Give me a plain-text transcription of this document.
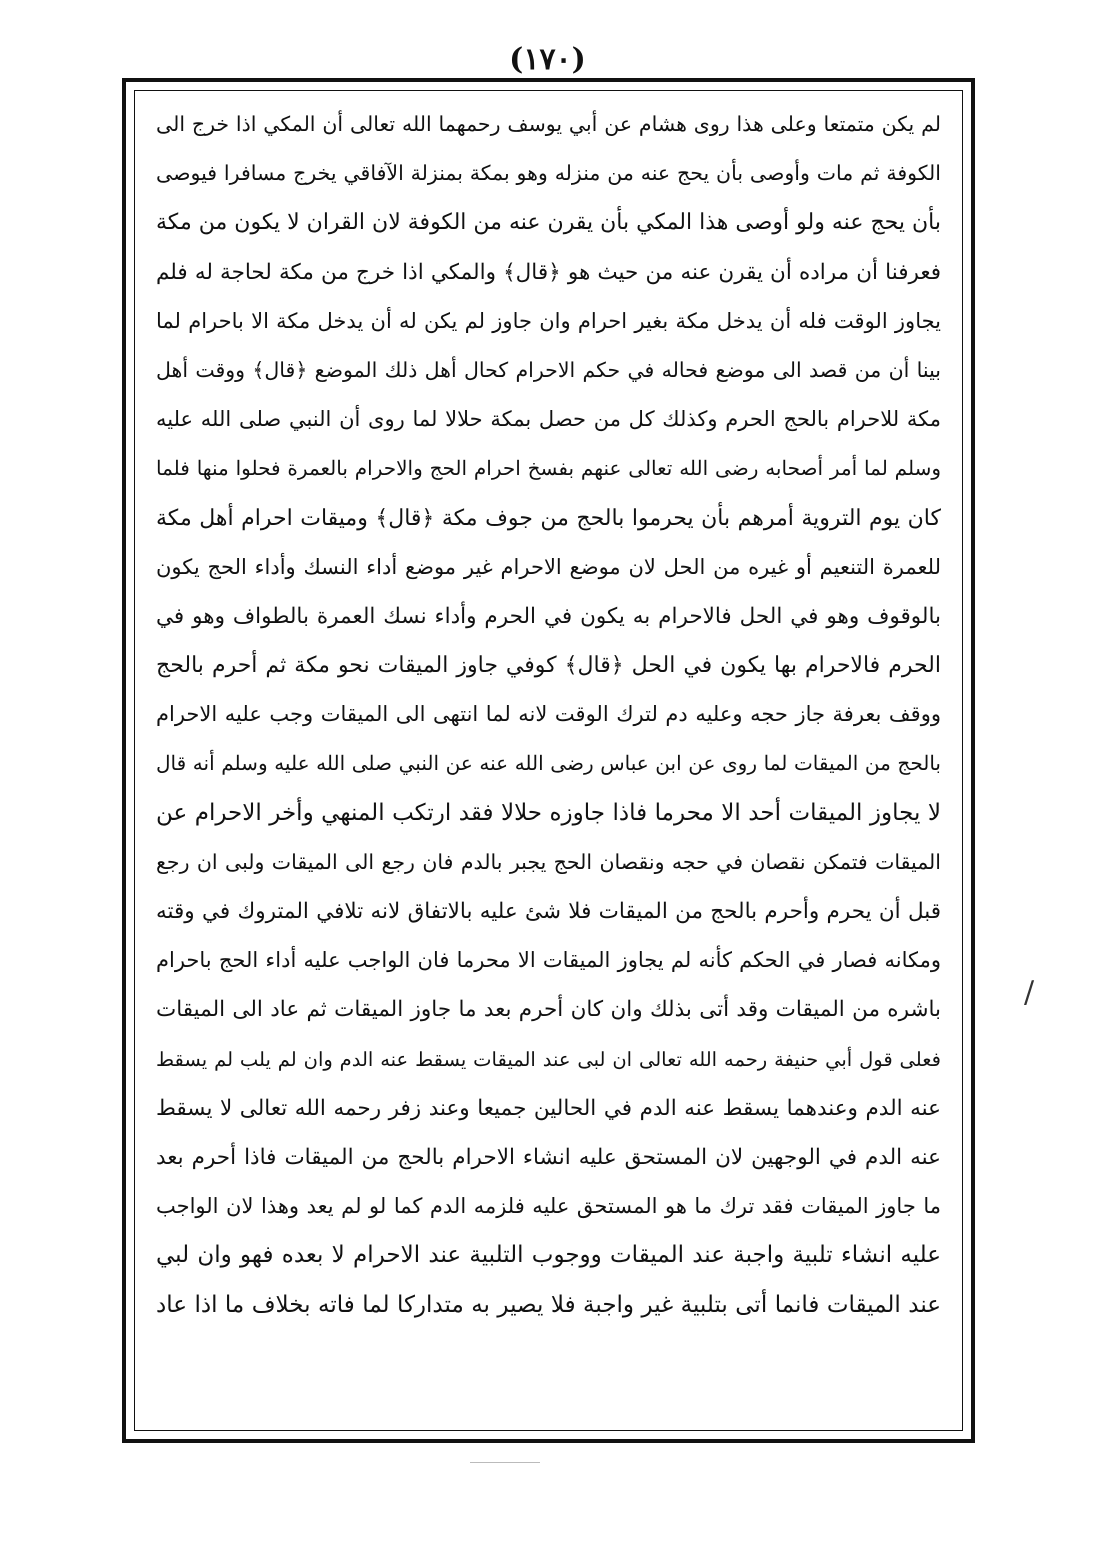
(١٧٠)
لم يكن متمتعا وعلى هذا روى هشام عن أبي يوسف رحمهما الله تعالى أن المكي اذا خرج الى
الكوفة ثم مات وأوصى بأن يحج عنه من منزله وهو بمكة بمنزلة الآفاقي يخرج مسافرا فيوصى
بأن يحج عنه ولو أوصى هذا المكي بأن يقرن عنه من الكوفة لان القران لا يكون من مكة
فعرفنا أن مراده أن يقرن عنه من حيث هو ﴿قال﴾ والمكي اذا خرج من مكة لحاجة له فلم
يجاوز الوقت فله أن يدخل مكة بغير احرام وان جاوز لم يكن له أن يدخل مكة الا باحرام لما
بينا أن من قصد الى موضع فحاله في حكم الاحرام كحال أهل ذلك الموضع ﴿قال﴾ ووقت أهل
مكة للاحرام بالحج الحرم وكذلك كل من حصل بمكة حلالا لما روى أن النبي صلى الله عليه
وسلم لما أمر أصحابه رضى الله تعالى عنهم بفسخ احرام الحج والاحرام بالعمرة فحلوا منها فلما
كان يوم التروية أمرهم بأن يحرموا بالحج من جوف مكة ﴿قال﴾ وميقات احرام أهل مكة
للعمرة التنعيم أو غيره من الحل لان موضع الاحرام غير موضع أداء النسك وأداء الحج يكون
بالوقوف وهو في الحل فالاحرام به يكون في الحرم وأداء نسك العمرة بالطواف وهو في
الحرم فالاحرام بها يكون في الحل ﴿قال﴾ كوفي جاوز الميقات نحو مكة ثم أحرم بالحج
ووقف بعرفة جاز حجه وعليه دم لترك الوقت لانه لما انتهى الى الميقات وجب عليه الاحرام
بالحج من الميقات لما روى عن ابن عباس رضى الله عنه عن النبي صلى الله عليه وسلم أنه قال
لا يجاوز الميقات أحد الا محرما فاذا جاوزه حلالا فقد ارتكب المنهي وأخر الاحرام عن
الميقات فتمكن نقصان في حجه ونقصان الحج يجبر بالدم فان رجع الى الميقات ولبى ان رجع
قبل أن يحرم وأحرم بالحج من الميقات فلا شئ عليه بالاتفاق لانه تلافي المتروك في وقته
ومكانه فصار في الحكم كأنه لم يجاوز الميقات الا محرما فان الواجب عليه أداء الحج باحرام
باشره من الميقات وقد أتى بذلك وان كان أحرم بعد ما جاوز الميقات ثم عاد الى الميقات
فعلى قول أبي حنيفة رحمه الله تعالى ان لبى عند الميقات يسقط عنه الدم وان لم يلب لم يسقط
عنه الدم وعندهما يسقط عنه الدم في الحالين جميعا وعند زفر رحمه الله تعالى لا يسقط
عنه الدم في الوجهين لان المستحق عليه انشاء الاحرام بالحج من الميقات فاذا أحرم بعد
ما جاوز الميقات فقد ترك ما هو المستحق عليه فلزمه الدم كما لو لم يعد وهذا لان الواجب
عليه انشاء تلبية واجبة عند الميقات ووجوب التلبية عند الاحرام لا بعده فهو وان لبي
عند الميقات فانما أتى بتلبية غير واجبة فلا يصير به متداركا لما فاته بخلاف ما اذا عاد
/
